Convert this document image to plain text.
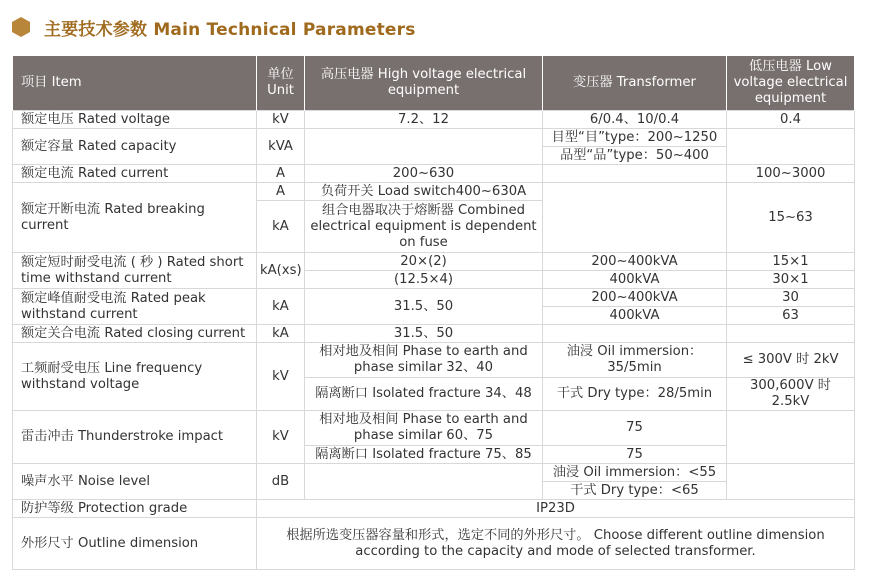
主要技术参数 Main Technical Parameters
项目 Item	单位 Unit	高压电器 High voltage electrical equipment	变压器 Transformer	低压电器 Low voltage electrical equipment
额定电压 Rated voltage	kV	7.2、12	6/0.4、10/0.4	0.4
额定容量 Rated capacity	kVA		目型“目”type：200~1250	
			品型“品”type：50~400	
额定电流 Rated current	A	200~630		100~3000
额定开断电流 Rated breaking current	A	负荷开关 Load switch400~630A		15~63
	kA	组合电器取决于熔断器 Combined electrical equipment is dependent on fuse		
额定短时耐受电流 ( 秒 ) Rated short time withstand current	kA(xs)	20×(2)	200~400kVA	15×1
		(12.5×4)	400kVA	30×1
额定峰值耐受电流 Rated peak withstand current	kA	31.5、50	200~400kVA	30
			400kVA	63
额定关合电流 Rated closing current	kA	31.5、50		
工频耐受电压 Line frequency withstand voltage	kV	相对地及相间 Phase to earth and phase similar 32、40	油浸 Oil immersion：35/5min	≤ 300V 时 2kV
		隔离断口 Isolated fracture 34、48	干式 Dry type：28/5min	300,600V 时 2.5kV
雷击冲击 Thunderstroke impact	kV	相对地及相间 Phase to earth and phase similar 60、75	75	
		隔离断口 Isolated fracture 75、85	75	
噪声水平 Noise level	dB		油浸 Oil immersion：<55	
			干式 Dry type：<65	
防护等级 Protection grade	IP23D			
外形尺寸 Outline dimension	根据所选变压器容量和形式，选定不同的外形尺寸。 Choose different outline dimension according to the capacity and mode of selected transformer.			
